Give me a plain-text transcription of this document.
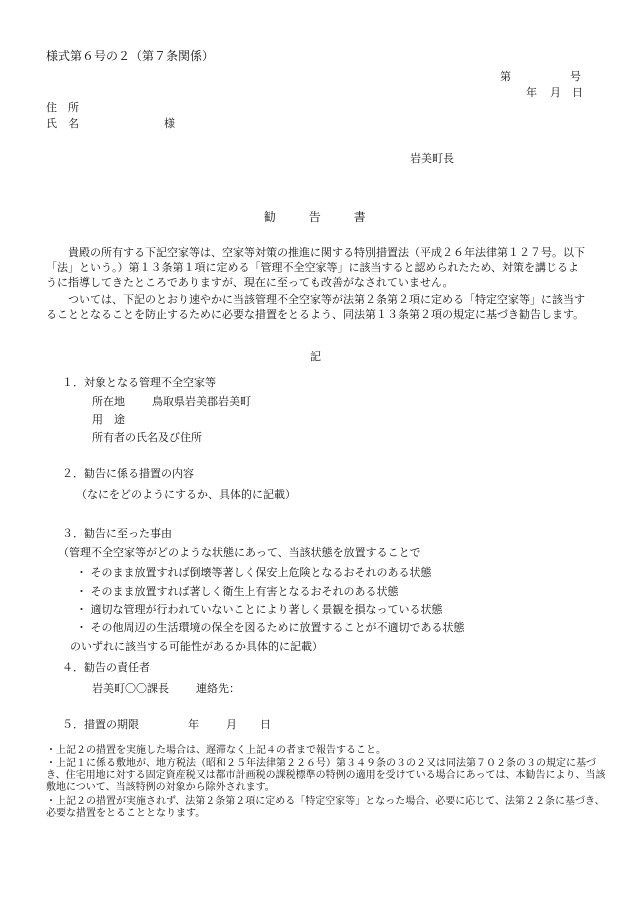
様式第６号の２（第７条関係）
第	号
年 月 日
住　所
氏　名	様
岩美町長
勧	告	書
貴殿の所有する下記空家等は、空家等対策の推進に関する特別措置法（平成２６年法律第１２７号。以下「法」という。）第１３条第１項に定める「管理不全空家等」に該当すると認められたため、対策を講じるように指導してきたところでありますが、現在に至っても改善がなされていません。
ついては、下記のとおり速やかに当該管理不全空家等が法第２条第２項に定める「特定空家等」に該当することとなることを防止するために必要な措置をとるよう、同法第１３条第２項の規定に基づき勧告します。
記
１．対象となる管理不全空家等
所在地 鳥取県岩美郡岩美町
用　途
所有者の氏名及び住所
２．勧告に係る措置の内容
（なにをどのようにするか、具体的に記載）
３．勧告に至った事由
（管理不全空家等がどのような状態にあって、当該状態を放置することで
・ そのまま放置すれば倒壊等著しく保安上危険となるおそれのある状態
・ そのまま放置すれば著しく衛生上有害となるおそれのある状態
・ 適切な管理が行われていないことにより著しく景観を損なっている状態
・ その他周辺の生活環境の保全を図るために放置することが不適切である状態
のいずれに該当する可能性があるか具体的に記載）
４．勧告の責任者
岩美町〇〇課長 連絡先：
５．措置の期限	年 月 日
・上記２の措置を実施した場合は、遅滞なく上記４の者まで報告すること。
・上記１に係る敷地が、地方税法（昭和２５年法律第２２６号）第３４９条の３の２又は同法第７０２条の３の規定に基づき、住宅用地に対する固定資産税又は都市計画税の課税標準の特例の適用を受けている場合にあっては、本勧告により、当該敷地について、当該特例の対象から除外されます。
・上記２の措置が実施されず、法第２条第２項に定める「特定空家等」となった場合、必要に応じて、法第２２条に基づき、必要な措置をとることとなります。
